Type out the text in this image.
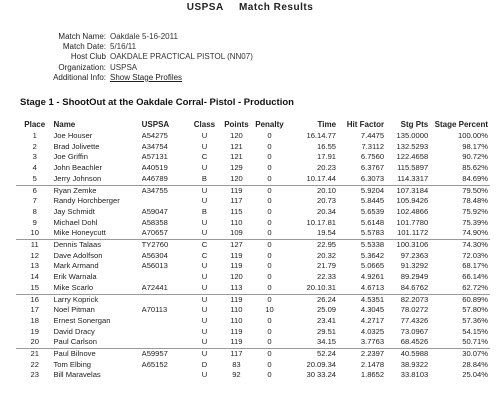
USPSA Match Results
Match Name: Oakdale 5-16-2011
Match Date: 5/16/11
Host Club OAKDALE PRACTICAL PISTOL (NN07)
Organization: USPSA
Additional Info: Show Stage Profiles
Stage 1 - ShootOut at the Oakdale Corral- Pistol - Production
Place	Name	USPSA	Class	Points	Penalty	Time	Hit Factor	Stg Pts	Stage Percent
1	Joe Houser	A54275	U	120	0	16.14.77	7.4475	135.0000	100.00%
2	Brad Jolivette	A34754	U	121	0	16.55	7.3112	132.5293	98.17%
3	Joe Griffin	A57131	C	121	0	17.91	6.7560	122.4658	90.72%
4	John Beachler	A40519	U	129	0	20.23	6.3767	115.5897	85.62%
5	Jerry Johnson	A46789	B	120	0	10.17.44	6.3073	114.3317	84.69%
6	Ryan Zemke	A34755	U	119	0	20.10	5.9204	107.3184	79.50%
7	Randy Horchberger		U	117	0	20.73	5.8445	105.9426	78.48%
8	Jay Schmidt	A59047	B	115	0	20.34	5.6539	102.4866	75.92%
9	Michael Dohl	A58358	U	110	0	10.17.81	5.6148	101.7780	75.39%
10	Mike Honeycutt	A70657	U	109	0	19.54	5.5783	101.1172	74.90%
11	Dennis Talaas	TY2760	C	127	0	22.95	5.5338	100.3106	74.30%
12	Dave Adolfson	A56304	C	119	0	20.32	5.3642	97.2363	72.03%
13	Mark Armand	A56013	U	119	0	21.79	5.0665	91.3292	68.17%
14	Erik Warnala		U	120	0	22.33	4.9261	89.2949	66.14%
15	Mike Scarlo	A72441	U	113	0	20.10.31	4.6713	84.6762	62.72%
16	Larry Koprick		U	119	0	26.24	4.5351	82.2073	60.89%
17	Noel Pitman	A70113	U	110	10	25.09	4.3045	78.0272	57.80%
18	Ernest Sonergan		U	110	0	23.41	4.2717	77.4326	57.36%
19	David Dracy		U	119	0	29.51	4.0325	73.0967	54.15%
20	Paul Carlson		U	119	0	34.15	3.7763	68.4526	50.71%
21	Paul Bilnove	A59957	U	117	0	52.24	2.2397	40.5988	30.07%
22	Tom Elbing	A65152	D	83	0	20.09.34	2.1478	38.9322	28.84%
23	Bill Maravelas		U	92	0	30 33.24	1.8652	33.8103	25.04%
